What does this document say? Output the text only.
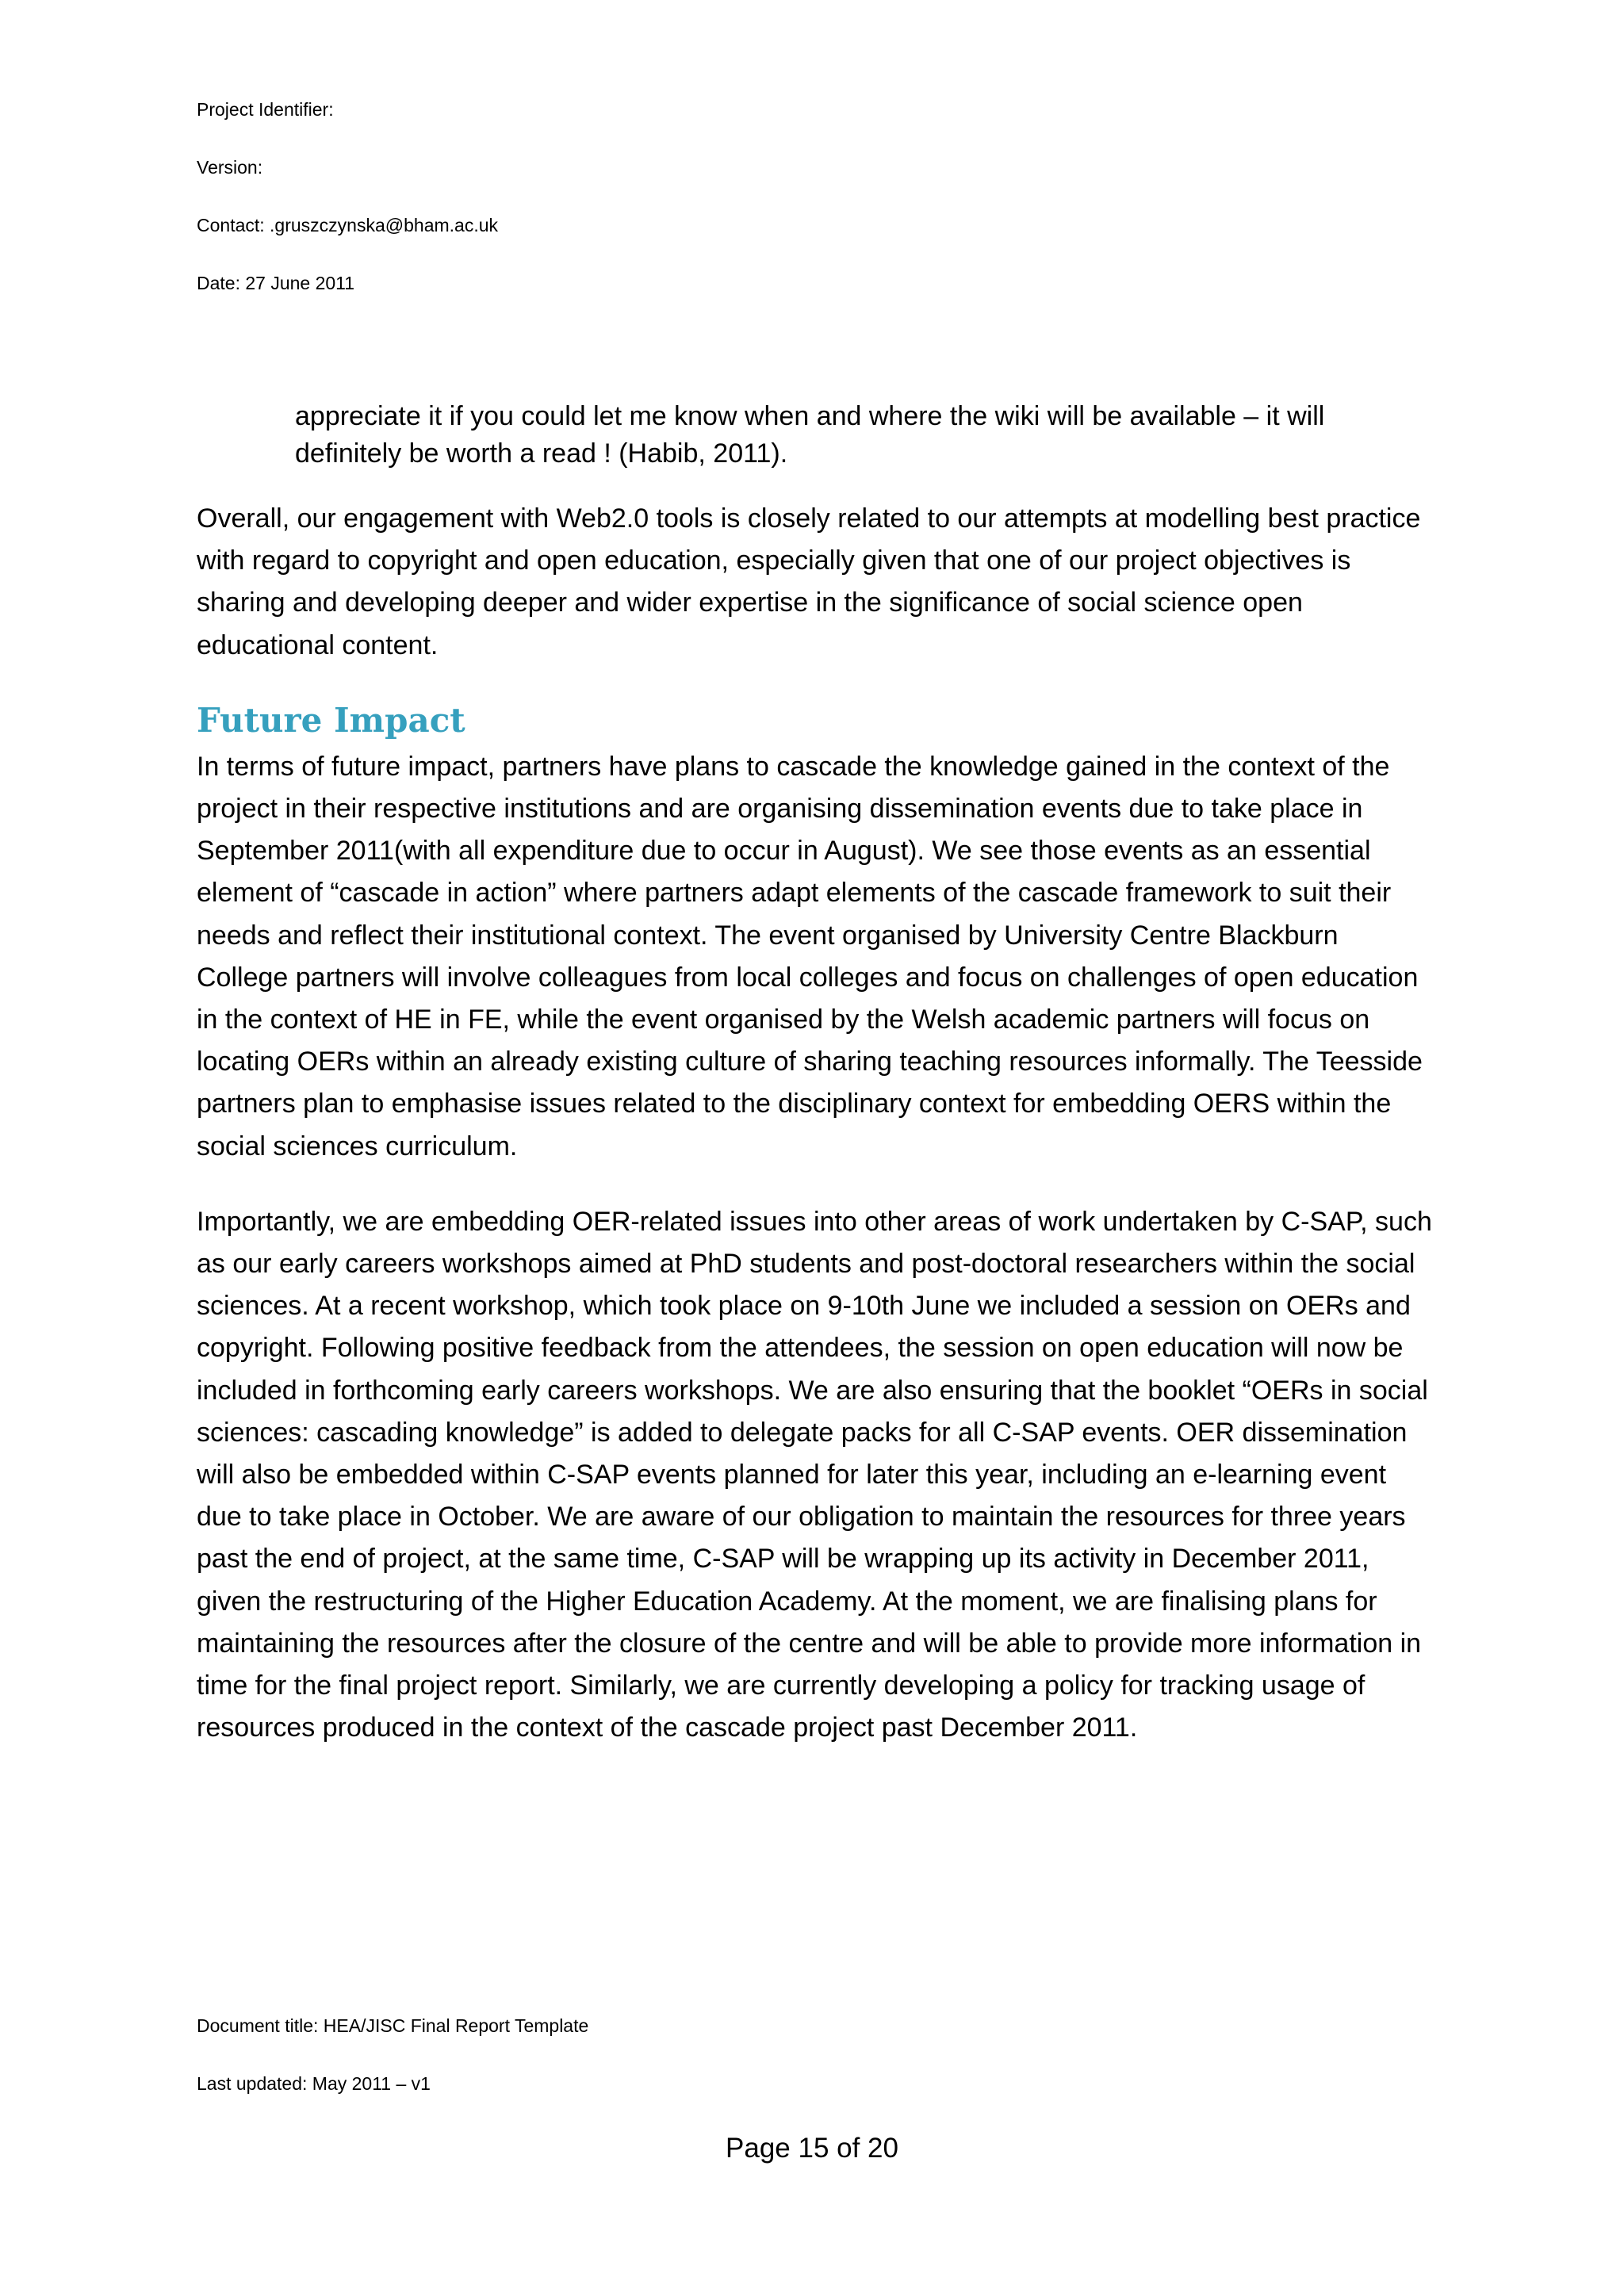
Project Identifier:
Version:
Contact: .gruszczynska@bham.ac.uk
Date: 27 June 2011

appreciate it if you could let me know when and where the wiki will be available – it will definitely be worth a read ! (Habib, 2011).

Overall, our engagement with Web2.0 tools is closely related to our attempts at modelling best practice with regard to copyright and open education, especially given that one of our project objectives is sharing and developing deeper and wider expertise in the significance of social science open educational content.

Future Impact

In terms of future impact, partners have plans to cascade the knowledge gained in the context of the project in their respective institutions and are organising dissemination events due to take place in September 2011(with all expenditure due to occur in August). We see those events as an essential element of “cascade in action” where partners adapt elements of the cascade framework to suit their needs and reflect their institutional context. The event organised by University Centre Blackburn College partners will involve colleagues from local colleges and focus on challenges of open education in the context of HE in FE, while the event organised by the Welsh academic partners will focus on locating OERs within an already existing culture of sharing teaching resources informally. The Teesside partners plan to emphasise issues related to the disciplinary context for embedding OERS within the social sciences curriculum.

Importantly, we are embedding OER-related issues into other areas of work undertaken by C-SAP, such as our early careers workshops aimed at PhD students and post-doctoral researchers within the social sciences. At a recent workshop, which took place on 9-10th June we included a session on OERs and copyright. Following positive feedback from the attendees, the session on open education will now be included in forthcoming early careers workshops. We are also ensuring that the booklet “OERs in social sciences: cascading knowledge” is added to delegate packs for all C-SAP events. OER dissemination will also be embedded within C-SAP events planned for later this year, including an e-learning event due to take place in October. We are aware of our obligation to maintain the resources for three years past the end of project, at the same time, C-SAP will be wrapping up its activity in December 2011, given the restructuring of the Higher Education Academy. At the moment, we are finalising plans for maintaining the resources after the closure of the centre and will be able to provide more information in time for the final project report. Similarly, we are currently developing a policy for tracking usage of resources produced in the context of the cascade project past December 2011.

Document title: HEA/JISC Final Report Template
Last updated: May 2011 – v1
Page 15 of 20
